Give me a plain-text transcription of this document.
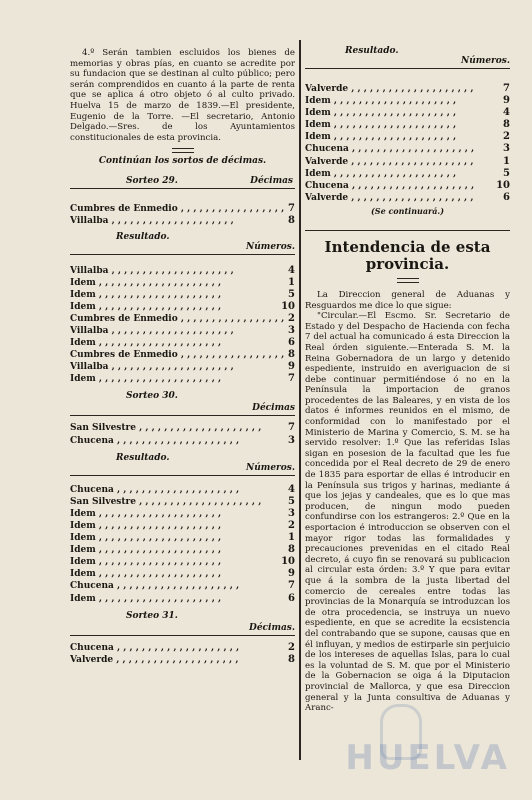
4.º Serán tambien escluidos los bienes de memorias y obras pías, en cuanto se acredite por su fundacion que se destinan al culto público; pero serán comprendidos en cuanto á la parte de renta que se aplica á otro objeto ó al culto privado. Huelva 15 de marzo de 1839.—El presidente, Eugenio de la Torre. —El secretario, Antonio Delgado.—Sres. de los Ayuntamientos constitucionales de esta provincia.

Continúan los sortos de décimas.

Sorteo 29.	Décimas
Cumbres de Enmedio , , , , , , , , , , , , , , , , , , , ,	7
Villalba , , , , , , , , , , , , , , , , , , , ,	8
Resultado.
Números.
Villalba , , , , , , , , , , , , , , , , , , , ,	4
Idem , , , , , , , , , , , , , , , , , , , ,	1
Idem , , , , , , , , , , , , , , , , , , , ,	5
Idem , , , , , , , , , , , , , , , , , , , ,	10
Cumbres de Enmedio , , , , , , , , , , , , , , , , , , , ,	2
Villalba , , , , , , , , , , , , , , , , , , , ,	3
Idem , , , , , , , , , , , , , , , , , , , ,	6
Cumbres de Enmedio , , , , , , , , , , , , , , , , , , , ,	8
Villalba , , , , , , , , , , , , , , , , , , , ,	9
Idem , , , , , , , , , , , , , , , , , , , ,	7
Sorteo 30.
Décimas
San Silvestre , , , , , , , , , , , , , , , , , , , ,	7
Chucena , , , , , , , , , , , , , , , , , , , ,	3
Resultado.
Números.
Chucena , , , , , , , , , , , , , , , , , , , ,	4
San Silvestre , , , , , , , , , , , , , , , , , , , ,	5
Idem , , , , , , , , , , , , , , , , , , , ,	3
Idem , , , , , , , , , , , , , , , , , , , ,	2
Idem , , , , , , , , , , , , , , , , , , , ,	1
Idem , , , , , , , , , , , , , , , , , , , ,	8
Idem , , , , , , , , , , , , , , , , , , , ,	10
Idem , , , , , , , , , , , , , , , , , , , ,	9
Chucena , , , , , , , , , , , , , , , , , , , ,	7
Idem , , , , , , , , , , , , , , , , , , , ,	6
Sorteo 31.
Décimas.
Chucena , , , , , , , , , , , , , , , , , , , ,	2
Valverde , , , , , , , , , , , , , , , , , , , ,	8
Resultado.
Números.
Valverde , , , , , , , , , , , , , , , , , , , ,	7
Idem , , , , , , , , , , , , , , , , , , , ,	9
Idem , , , , , , , , , , , , , , , , , , , ,	4
Idem , , , , , , , , , , , , , , , , , , , ,	8
Idem , , , , , , , , , , , , , , , , , , , ,	2
Chucena , , , , , , , , , , , , , , , , , , , ,	3
Valverde , , , , , , , , , , , , , , , , , , , ,	1
Idem , , , , , , , , , , , , , , , , , , , ,	5
Chucena , , , , , , , , , , , , , , , , , , , ,	10
Valverde , , , , , , , , , , , , , , , , , , , ,	6
(Se continuará.)

Intendencia de esta provincia.

La Direccion general de Aduanas y Resguardos me dice lo que sigue:

"Circular.—El Escmo. Sr. Secretario de Estado y del Despacho de Hacienda con fecha 7 del actual ha comunicado á esta Direccion la Real órden siguiente.—Enterada S. M. la Reina Gobernadora de un largo y detenido espediente, instruido en averiguacion de si debe continuar permitiéndose ó no en la Península la importacion de granos procedentes de las Baleares, y en vista de los datos é informes reunidos en el mismo, de conformidad con lo manifestado por el Ministerio de Marina y Comercio, S. M. se ha servido resolver: 1.º Que las referidas Islas sigan en posesion de la facultad que les fue concedida por el Real decreto de 29 de enero de 1835 para esportar de ellas é introducir en la Península sus trigos y harinas, mediante á que los jejas y candeales, que es lo que mas producen, de ningun modo pueden confundirse con los estrangeros: 2.º Que en la esportacion é introduccion se observen con el mayor rigor todas las formalidades y precauciones prevenidas en el citado Real decreto, á cuyo fin se renovará su publicacion al circular esta órden: 3.º Y que para evitar que á la sombra de la justa libertad del comercio de cereales entre todas las provincias de la Monarquía se introduzcan los de otra procedencia, se instruya un nuevo espediente, en que se acredite la ecsistencia del contrabando que se supone, causas que en él influyan, y medios de estirparle sin perjuicio de los intereses de aquellas Islas, para lo cual es la voluntad de S. M. que por el Ministerio de la Gobernacion se oiga á la Diputacion provincial de Mallorca, y que esa Direccion general y la Junta consultiva de Aduanas y Aranc-

HUELVA
